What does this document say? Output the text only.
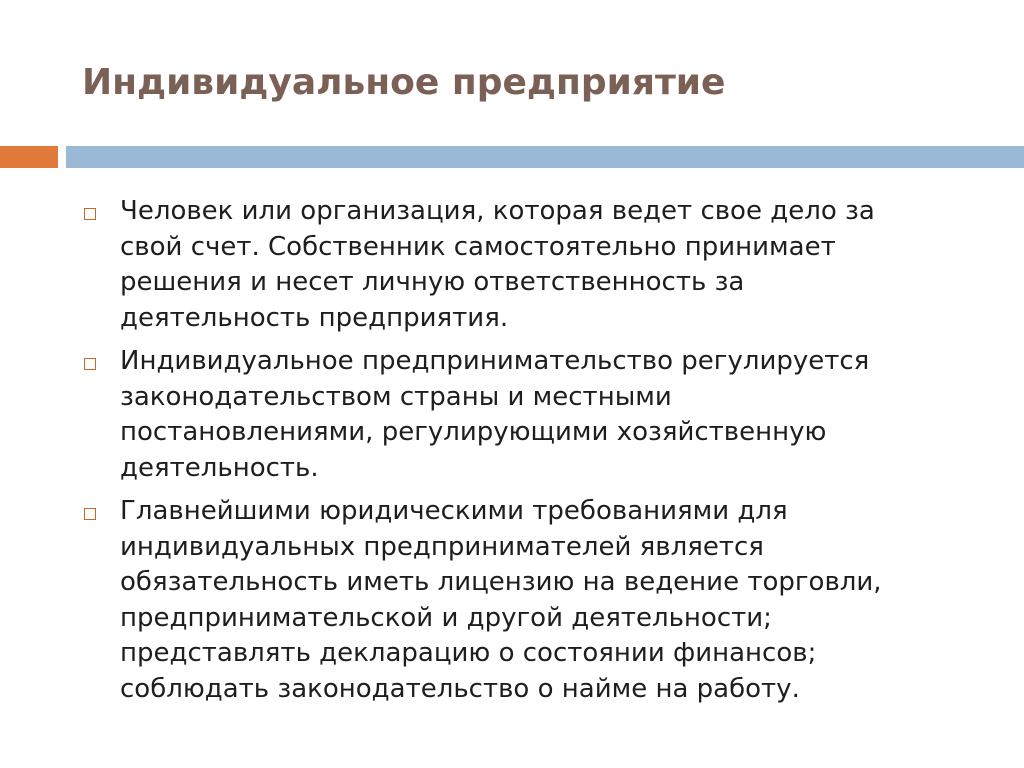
Индивидуальное предприятие
Человек или организация, которая ведет свое дело за
свой счет. Собственник самостоятельно принимает
решения и несет личную ответственность за
деятельность предприятия.
Индивидуальное предпринимательство регулируется
законодательством страны и местными
постановлениями, регулирующими хозяйственную
деятельность.
Главнейшими юридическими требованиями для
индивидуальных предпринимателей является
обязательность иметь лицензию на ведение торговли,
предпринимательской и другой деятельности;
представлять декларацию о состоянии финансов;
соблюдать законодательство о найме на работу.
